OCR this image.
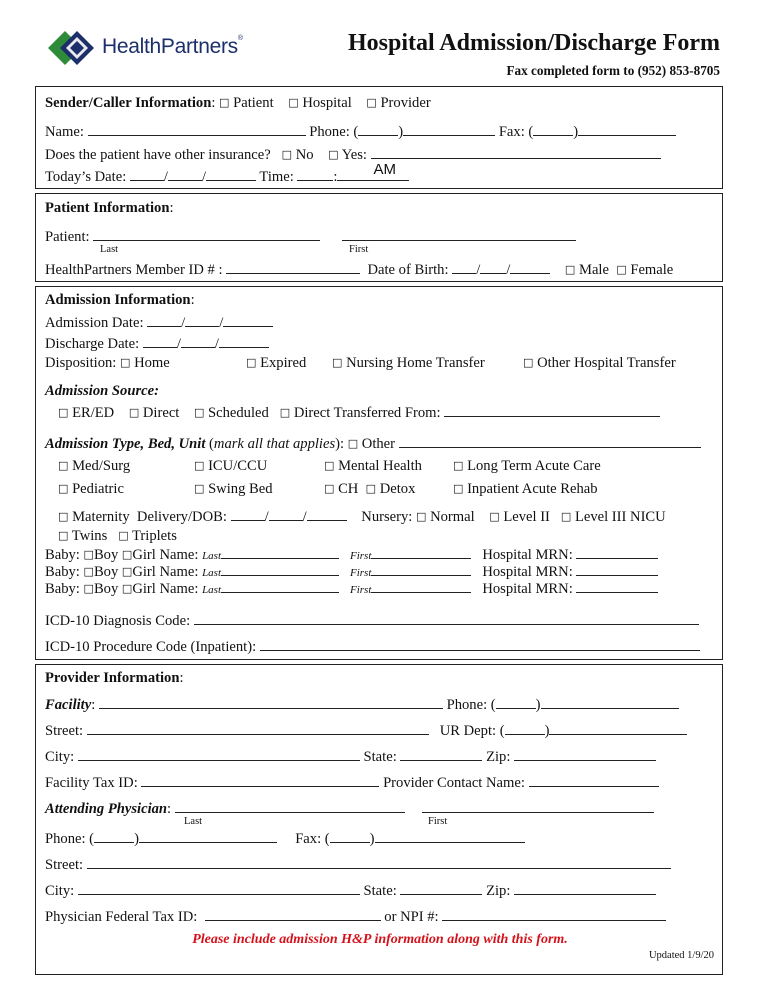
HealthPartners®	Hospital Admission/Discharge Form
Fax completed form to (952) 853-8705
Sender/Caller Information: □ Patient □ Hospital □ Provider
Name:	Phone: (	)	Fax: (	)
Does the patient have other insurance? □ No □ Yes:
Today’s Date:	/ /	Time:	: AM
Patient Information:
Patient:
Last	First
HealthPartners Member ID # :	Date of Birth: / /	□ Male □ Female
Admission Information:
Admission Date:	/ /
Discharge Date:	/ /
Disposition: □ Home	□ Expired □ Nursing Home Transfer	□ Other Hospital Transfer
Admission Source:
□ ER/ED □ Direct □ Scheduled □ Direct Transferred From:
Admission Type, Bed, Unit (mark all that applies): □ Other
□ Med/Surg	□ ICU/CCU	□ Mental Health	□ Long Term Acute Care
□ Pediatric	□ Swing Bed	□ CH □ Detox	□ Inpatient Acute Rehab
□ Maternity Delivery/DOB:	/ /	Nursery: □ Normal □ Level II □ Level III NICU
□ Twins □ Triplets
Baby: □Boy □Girl Name: Last	First	Hospital MRN:
Baby: □Boy □Girl Name: Last	First	Hospital MRN:
Baby: □Boy □Girl Name: Last	First	Hospital MRN:
ICD-10 Diagnosis Code:
ICD-10 Procedure Code (Inpatient):
Provider Information:
Facility:	Phone: (	)
Street:	UR Dept: (	)
City:	State:	Zip:
Facility Tax ID:	Provider Contact Name:
Attending Physician:
Last	First
Phone: (	)	Fax: (	)
Street:
City:	State:	Zip:
Physician Federal Tax ID:	or NPI #:
Please include admission H&P information along with this form.
Updated 1/9/20
